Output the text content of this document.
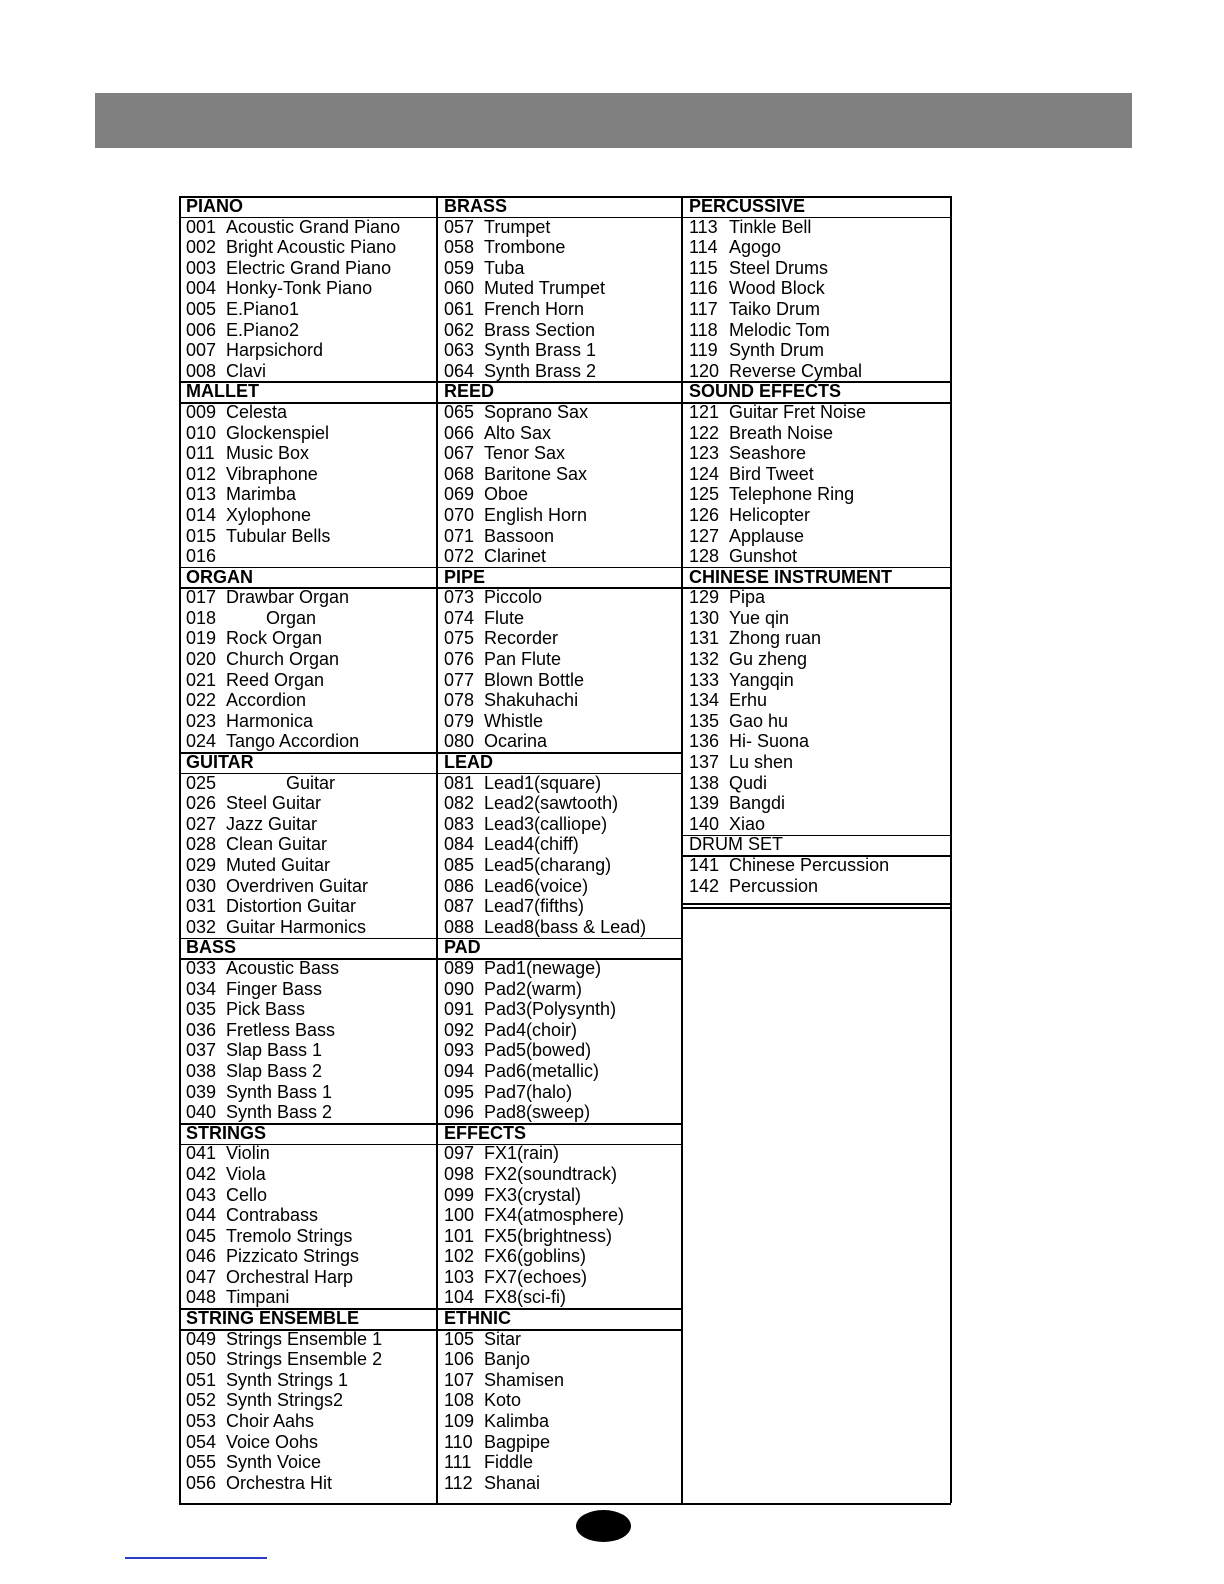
PIANO
001 Acoustic Grand Piano
002 Bright Acoustic Piano
003 Electric Grand Piano
004 Honky-Tonk Piano
005 E.Piano1
006 E.Piano2
007 Harpsichord
008 Clavi
MALLET
009 Celesta
010 Glockenspiel
011 Music Box
012 Vibraphone
013 Marimba
014 Xylophone
015 Tubular Bells
016
ORGAN
017 Drawbar Organ
018        Organ
019 Rock Organ
020 Church Organ
021 Reed Organ
022 Accordion
023 Harmonica
024 Tango Accordion
GUITAR
025            Guitar
026 Steel Guitar
027 Jazz Guitar
028 Clean Guitar
029 Muted Guitar
030 Overdriven Guitar
031 Distortion Guitar
032 Guitar Harmonics
BASS
033 Acoustic Bass
034 Finger Bass
035 Pick Bass
036 Fretless Bass
037 Slap Bass 1
038 Slap Bass 2
039 Synth Bass 1
040 Synth Bass 2
STRINGS
041 Violin
042 Viola
043 Cello
044 Contrabass
045 Tremolo Strings
046 Pizzicato Strings
047 Orchestral Harp
048 Timpani
STRING ENSEMBLE
049 Strings Ensemble 1
050 Strings Ensemble 2
051 Synth Strings 1
052 Synth Strings2
053 Choir Aahs
054 Voice Oohs
055 Synth Voice
056 Orchestra Hit
BRASS
057 Trumpet
058 Trombone
059 Tuba
060 Muted Trumpet
061 French Horn
062 Brass Section
063 Synth Brass 1
064 Synth Brass 2
REED
065 Soprano Sax
066 Alto Sax
067 Tenor Sax
068 Baritone Sax
069 Oboe
070 English Horn
071 Bassoon
072 Clarinet
PIPE
073 Piccolo
074 Flute
075 Recorder
076 Pan Flute
077 Blown Bottle
078 Shakuhachi
079 Whistle
080 Ocarina
LEAD
081 Lead1(square)
082 Lead2(sawtooth)
083 Lead3(calliope)
084 Lead4(chiff)
085 Lead5(charang)
086 Lead6(voice)
087 Lead7(fifths)
088 Lead8(bass & Lead)
PAD
089 Pad1(newage)
090 Pad2(warm)
091 Pad3(Polysynth)
092 Pad4(choir)
093 Pad5(bowed)
094 Pad6(metallic)
095 Pad7(halo)
096 Pad8(sweep)
EFFECTS
097 FX1(rain)
098 FX2(soundtrack)
099 FX3(crystal)
100 FX4(atmosphere)
101 FX5(brightness)
102 FX6(goblins)
103 FX7(echoes)
104 FX8(sci-fi)
ETHNIC
105 Sitar
106 Banjo
107 Shamisen
108 Koto
109 Kalimba
110 Bagpipe
111 Fiddle
112 Shanai
PERCUSSIVE
113 Tinkle Bell
114 Agogo
115 Steel Drums
116 Wood Block
117 Taiko Drum
118 Melodic Tom
119 Synth Drum
120 Reverse Cymbal
SOUND EFFECTS
121 Guitar Fret Noise
122 Breath Noise
123 Seashore
124 Bird Tweet
125 Telephone Ring
126 Helicopter
127 Applause
128 Gunshot
CHINESE INSTRUMENT
129 Pipa
130 Yue qin
131 Zhong ruan
132 Gu zheng
133 Yangqin
134 Erhu
135 Gao hu
136 Hi- Suona
137 Lu shen
138 Qudi
139 Bangdi
140 Xiao
DRUM SET
141 Chinese Percussion
142 Percussion
